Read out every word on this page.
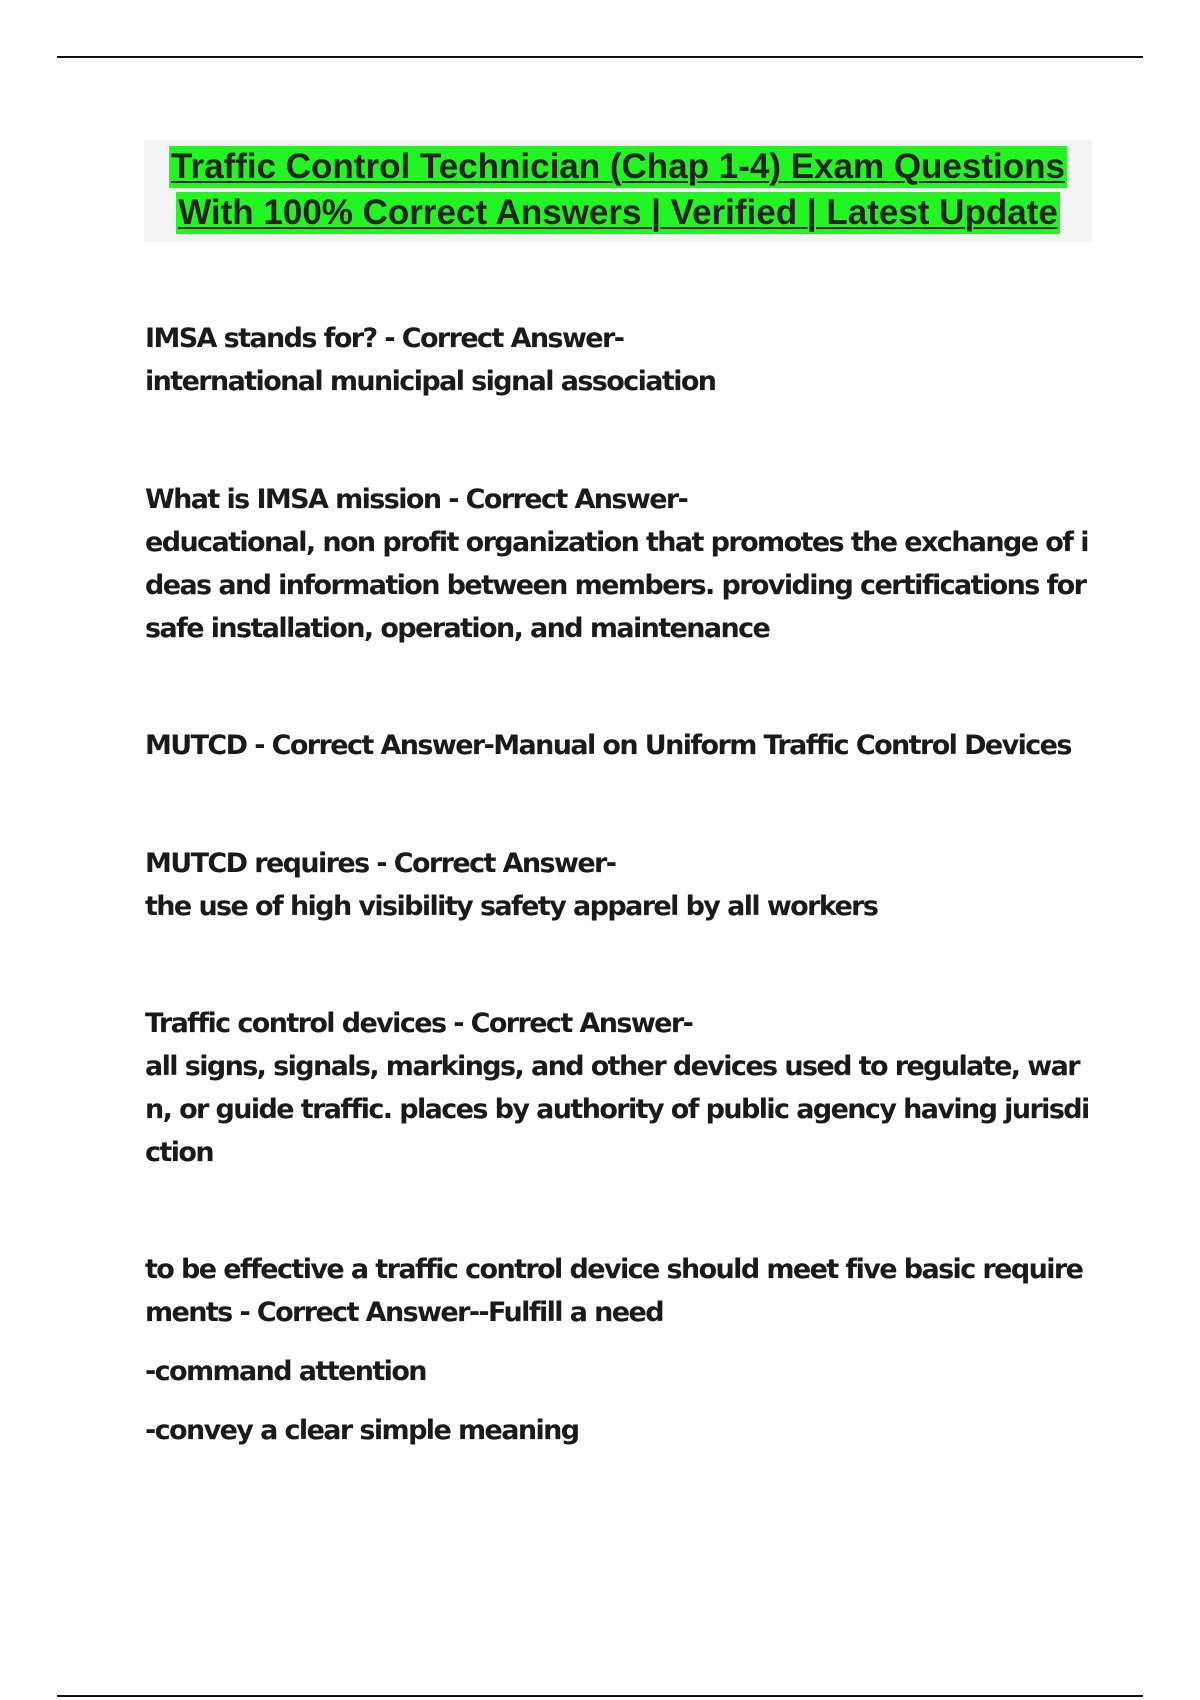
Traffic Control Technician (Chap 1-4) Exam Questions
With 100% Correct Answers | Verified | Latest Update
IMSA stands for? - Correct Answer-
international municipal signal association
What is IMSA mission - Correct Answer-
educational, non profit organization that promotes the exchange of ideas and information between members. providing certifications for safe installation, operation, and maintenance
MUTCD - Correct Answer-Manual on Uniform Traffic Control Devices
MUTCD requires - Correct Answer-
the use of high visibility safety apparel by all workers
Traffic control devices - Correct Answer-
all signs, signals, markings, and other devices used to regulate, warn, or guide traffic. places by authority of public agency having jurisdiction
to be effective a traffic control device should meet five basic requirements - Correct Answer--Fulfill a need
-command attention
-convey a clear simple meaning
